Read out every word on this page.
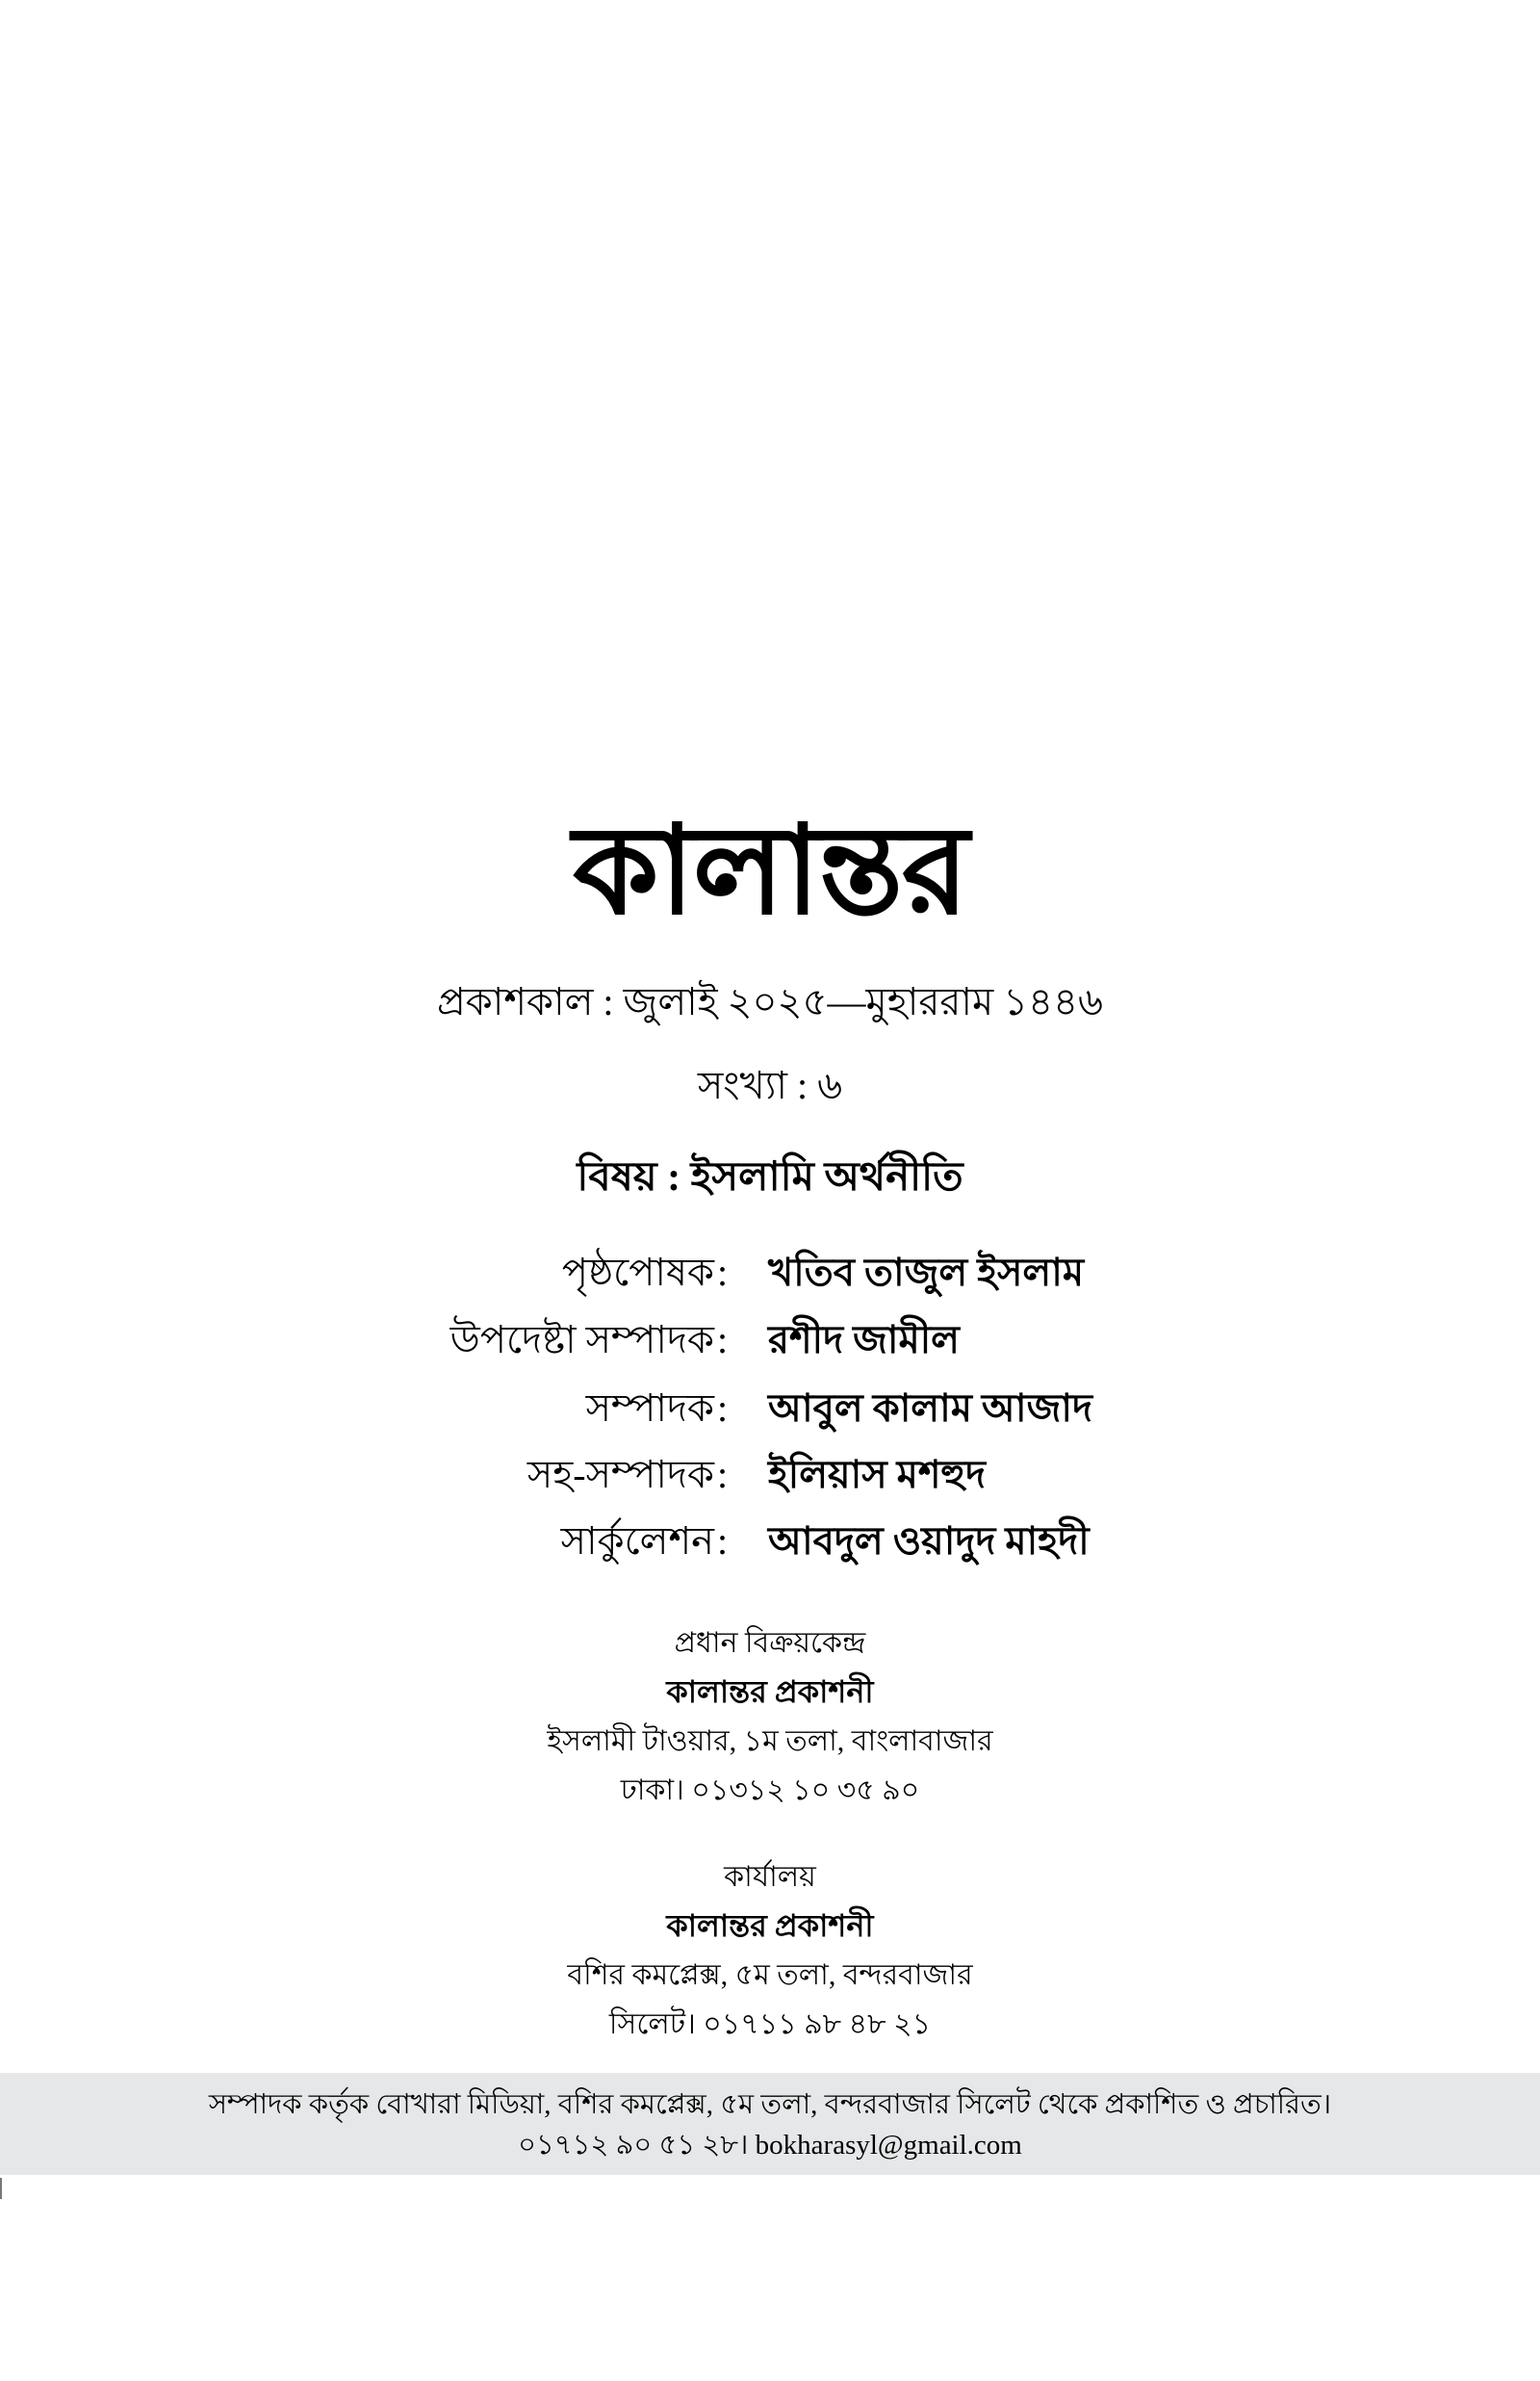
কালান্তর
প্রকাশকাল : জুলাই ২০২৫—মুহাররাম ১৪৪৬
সংখ্যা : ৬
বিষয় : ইসলামি অর্থনীতি
পৃষ্ঠপোষক : খতিব তাজুল ইসলাম
উপদেষ্টা সম্পাদক : রশীদ জামীল
সম্পাদক : আবুল কালাম আজাদ
সহ-সম্পাদক : ইলিয়াস মশহুদ
সার্কুলেশন : আবদুল ওয়াদুদ মাহদী
প্রধান বিক্রয়কেন্দ্র
কালান্তর প্রকাশনী
ইসলামী টাওয়ার, ১ম তলা, বাংলাবাজার
ঢাকা। ০১৩১২ ১০ ৩৫ ৯০
কার্যালয়
কালান্তর প্রকাশনী
বশির কমপ্লেক্স, ৫ম তলা, বন্দরবাজার
সিলেট। ০১৭১১ ৯৮ ৪৮ ২১
সম্পাদক কর্তৃক বোখারা মিডিয়া, বশির কমপ্লেক্স, ৫ম তলা, বন্দরবাজার সিলেট থেকে প্রকাশিত ও প্রচারিত।
০১৭১২ ৯০ ৫১ ২৮। bokharasyl@gmail.com
